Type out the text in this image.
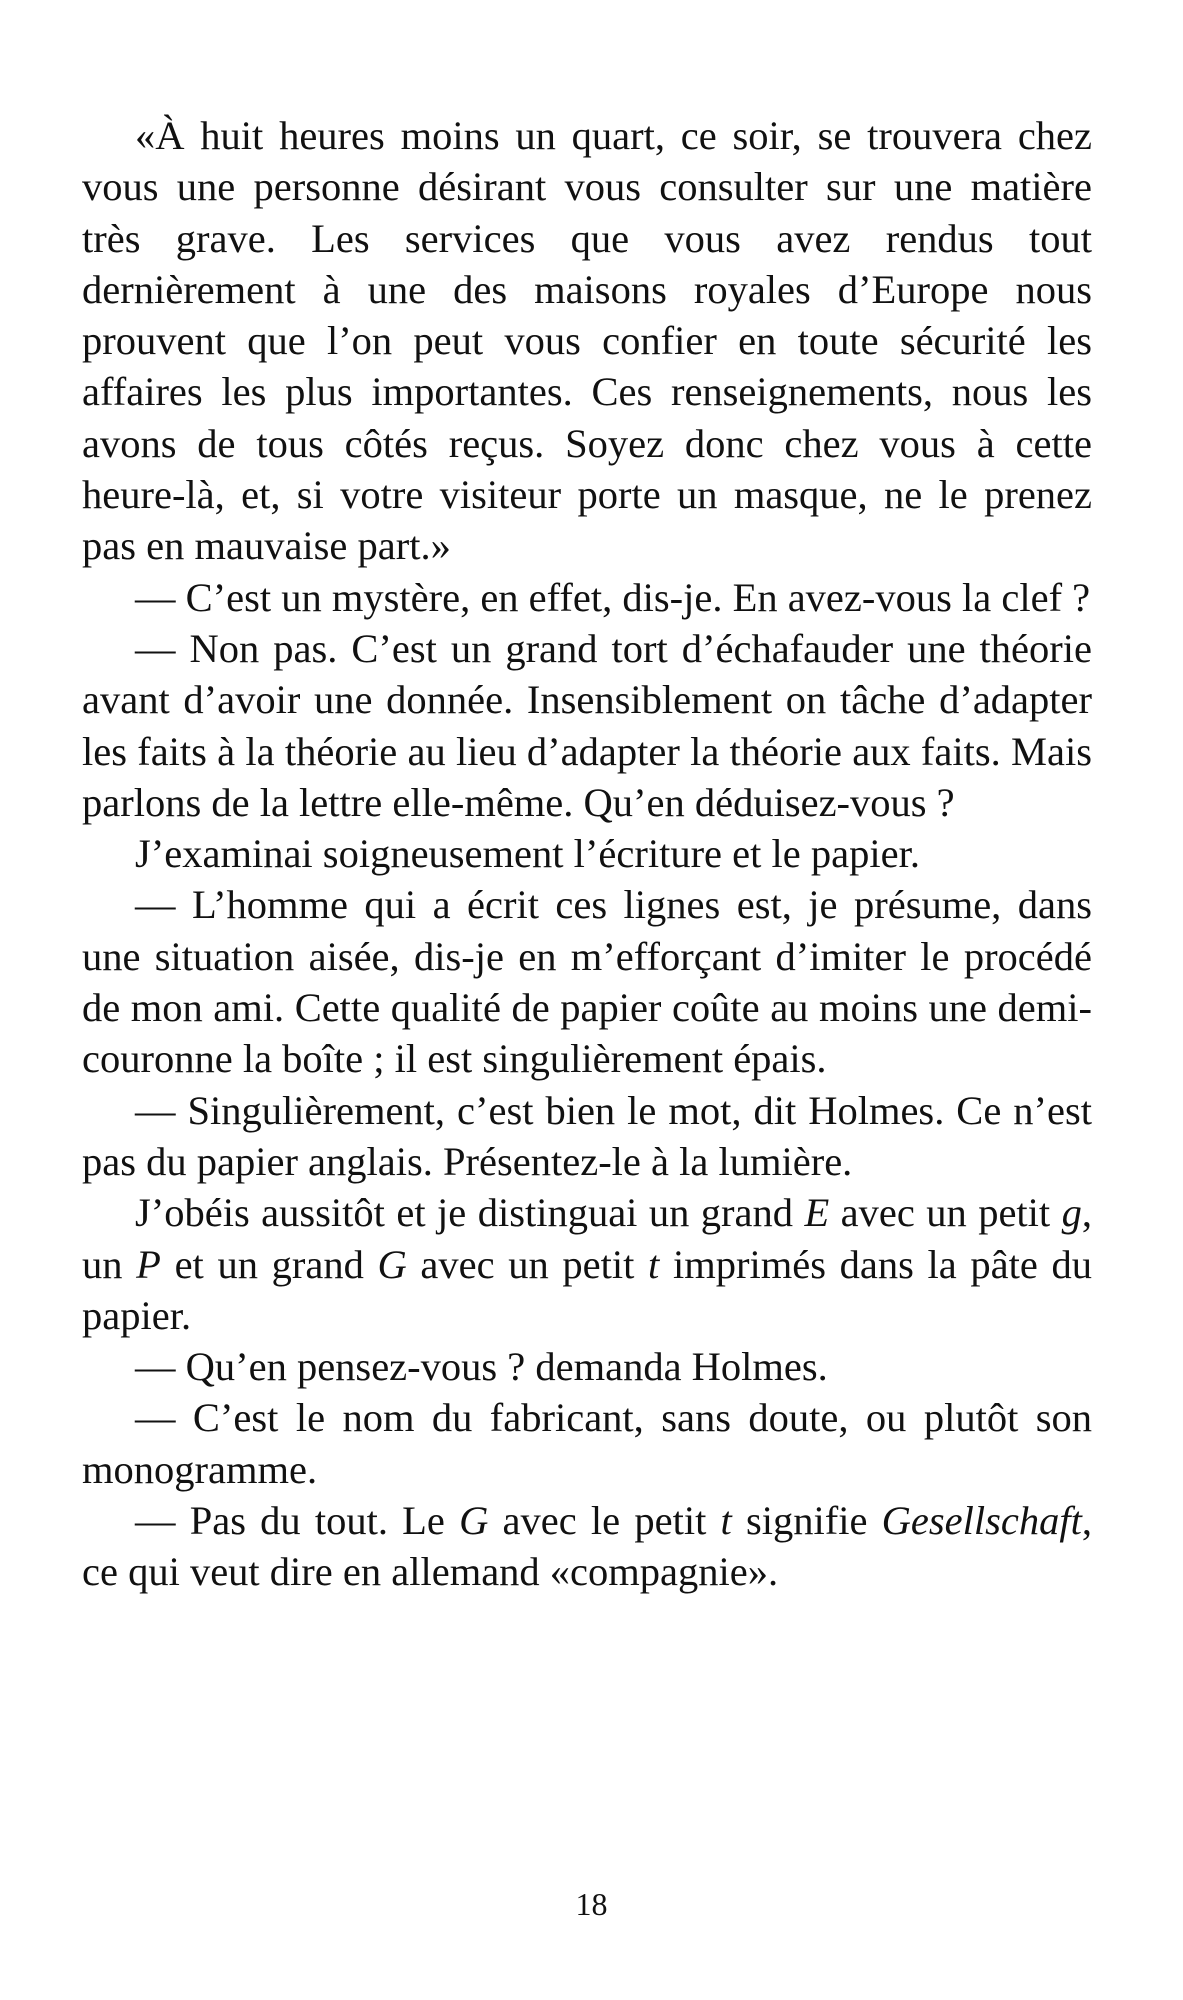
«À huit heures moins un quart, ce soir, se trouvera chez vous une personne désirant vous consulter sur une matière très grave. Les services que vous avez rendus tout dernièrement à une des maisons royales d’Europe nous prouvent que l’on peut vous confier en toute sécurité les affaires les plus importantes. Ces renseignements, nous les avons de tous côtés reçus. Soyez donc chez vous à cette heure-là, et, si votre visiteur porte un masque, ne le prenez pas en mauvaise part.»

— C’est un mystère, en effet, dis-je. En avez-vous la clef ?

— Non pas. C’est un grand tort d’échafauder une théorie avant d’avoir une donnée. Insensiblement on tâche d’adapter les faits à la théorie au lieu d’adapter la théorie aux faits. Mais parlons de la lettre elle-même. Qu’en déduisez-vous ?

J’examinai soigneusement l’écriture et le papier.

— L’homme qui a écrit ces lignes est, je présume, dans une situation aisée, dis-je en m’efforçant d’imiter le procédé de mon ami. Cette qualité de papier coûte au moins une demi-couronne la boîte ; il est singulièrement épais.

— Singulièrement, c’est bien le mot, dit Holmes. Ce n’est pas du papier anglais. Présentez-le à la lumière.

J’obéis aussitôt et je distinguai un grand E avec un petit g, un P et un grand G avec un petit t imprimés dans la pâte du papier.

— Qu’en pensez-vous ? demanda Holmes.

— C’est le nom du fabricant, sans doute, ou plutôt son monogramme.

— Pas du tout. Le G avec le petit t signifie Gesellschaft, ce qui veut dire en allemand «compagnie».

18
